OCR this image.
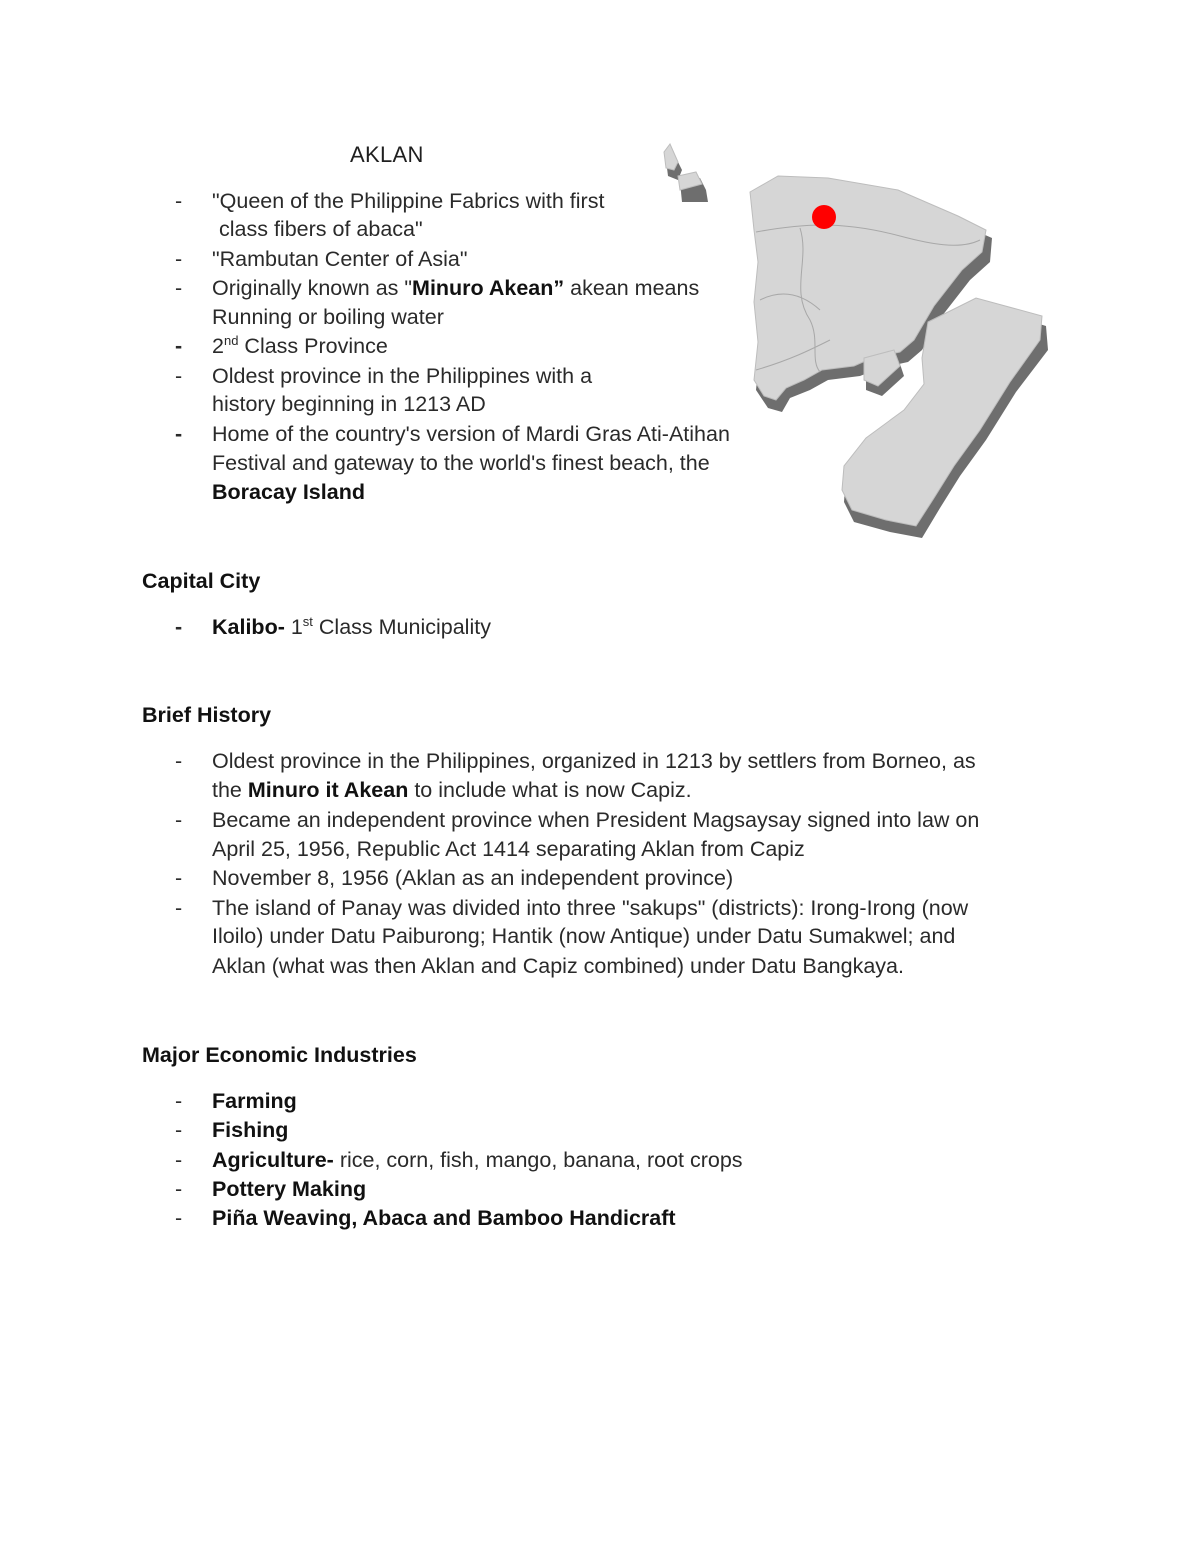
AKLAN
- "Queen of the Philippine Fabrics with first
class fibers of abaca"
- "Rambutan Center of Asia"
- Originally known as "Minuro Akean” akean means
Running or boiling water
- 2nd Class Province
- Oldest province in the Philippines with a
history beginning in 1213 AD
- Home of the country's version of Mardi Gras Ati-Atihan
Festival and gateway to the world's finest beach, the
Boracay Island
Capital City
- Kalibo- 1st Class Municipality
Brief History
- Oldest province in the Philippines, organized in 1213 by settlers from Borneo, as
the Minuro it Akean to include what is now Capiz.
- Became an independent province when President Magsaysay signed into law on
April 25, 1956, Republic Act 1414 separating Aklan from Capiz
- November 8, 1956 (Aklan as an independent province)
- The island of Panay was divided into three "sakups" (districts): Irong-Irong (now
Iloilo) under Datu Paiburong; Hantik (now Antique) under Datu Sumakwel; and
Aklan (what was then Aklan and Capiz combined) under Datu Bangkaya.
Major Economic Industries
- Farming
- Fishing
- Agriculture- rice, corn, fish, mango, banana, root crops
- Pottery Making
- Piña Weaving, Abaca and Bamboo Handicraft
